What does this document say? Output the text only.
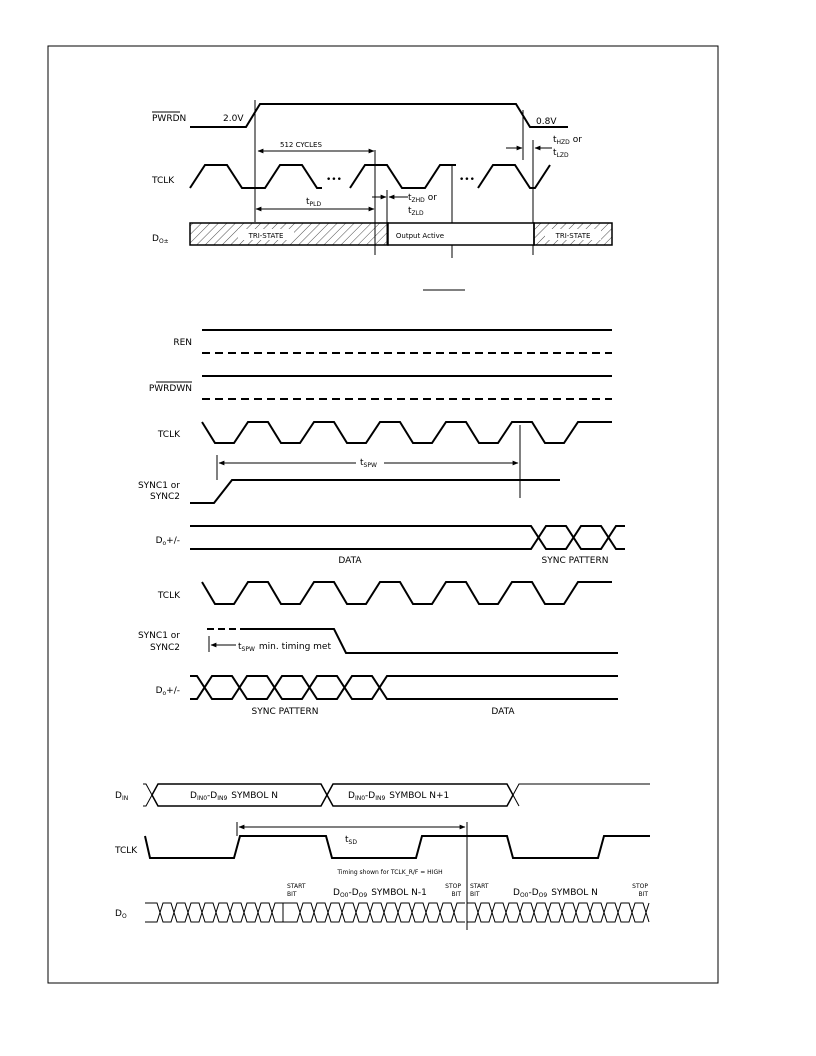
PWRDN	2.0V	0.8V
512 CYCLES
TCLK	•••	•••
$t_{PLD}$
$t_{ZHD}$ or
$t_{ZLD}$
$t_{HZD}$ or
$t_{LZD}$
$D_{O\pm}$
TRI-STATE	Output Active	TRI-STATE
REN
PWRDWN
TCLK
$t_{SPW}$
SYNC1 or
SYNC2
$D_o+/-$
DATA	SYNC PATTERN
TCLK
SYNC1 or
SYNC2	$t_{SPW}$ min. timing met
$D_o+/-$
SYNC PATTERN	DATA
$D_{IN}$	$D_{IN0}-D_{IN9}$ SYMBOL N	$D_{IN0}-D_{IN9}$ SYMBOL N+1
TCLK
$t_{SD}$
Timing shown for TCLK_R/F = HIGH
$D_O$
START
BIT
STOP
BIT
START
BIT
STOP
BIT
$D_{O0}-D_{O9}$ SYMBOL N-1	$D_{O0}-D_{O9}$ SYMBOL N
